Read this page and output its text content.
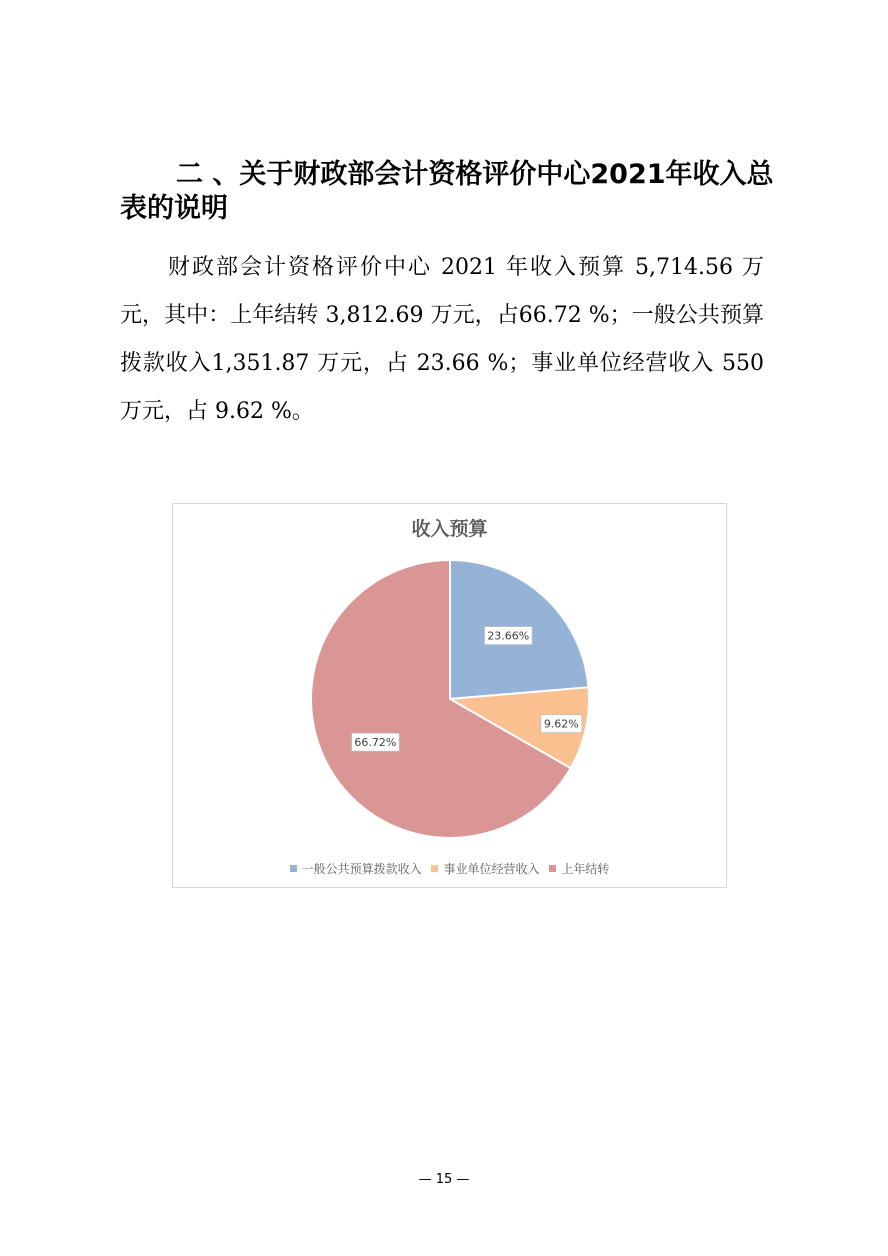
二 、关于财政部会计资格评价中心2021年收入总表的说明

财政部会计资格评价中心 2021 年收入预算 5,714.56 万元，其中：上年结转 3,812.69 万元，占66.72 %；一般公共预算拨款收入1,351.87 万元，占 23.66 %；事业单位经营收入 550 万元，占 9.62 %。

收入预算
23.66%
9.62%
66.72%
一般公共预算拨款收入 事业单位经营收入 上年结转
— 15 —
